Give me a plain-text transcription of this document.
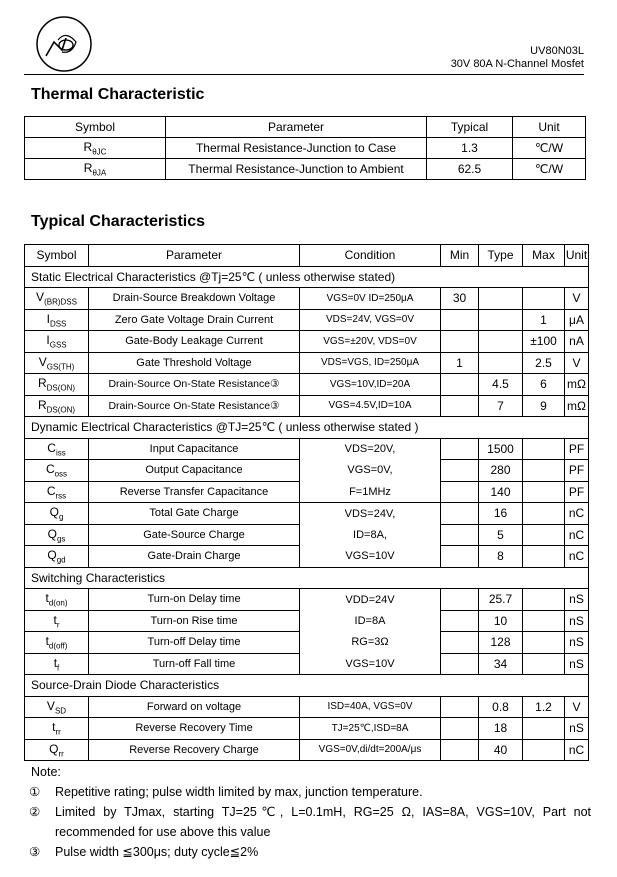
UV80N03L
30V 80A N-Channel Mosfet
Thermal Characteristic
Symbol	Parameter	Typical	Unit
$R_{\theta JC}$	Thermal Resistance-Junction to Case	1.3	℃/W
$R_{\theta JA}$	Thermal Resistance-Junction to Ambient	62.5	℃/W
Typical Characteristics
Symbol	Parameter	Condition	Min	Type	Max	Unit
Static Electrical Characteristics @Tj=25℃ ( unless otherwise stated)						
$V_{(BR)DSS}$	Drain-Source Breakdown Voltage	VGS=0V ID=250μA	30			V
$I_{DSS}$	Zero Gate Voltage Drain Current	VDS=24V, VGS=0V			1	μA
$I_{GSS}$	Gate-Body Leakage Current	VGS=±20V, VDS=0V			±100	nA
$V_{GS(TH)}$	Gate Threshold Voltage	VDS=VGS, ID=250μA	1		2.5	V
$R_{DS(ON)}$	Drain-Source On-State Resistance③	VGS=10V,ID=20A		4.5	6	mΩ
$R_{DS(ON)}$	Drain-Source On-State Resistance③	VGS=4.5V,ID=10A		7	9	mΩ
Dynamic Electrical Characteristics @TJ=25℃ ( unless otherwise stated )						
$C_{iss}$	Input Capacitance	VDS=20V,		1500		PF
$C_{oss}$	Output Capacitance	VGS=0V,		280		PF
$C_{rss}$	Reverse Transfer Capacitance	F=1MHz		140		PF
$Q_g$	Total Gate Charge	VDS=24V,		16		nC
$Q_{gs}$	Gate-Source Charge	ID=8A,		5		nC
$Q_{gd}$	Gate-Drain Charge	VGS=10V		8		nC
Switching Characteristics						
$t_{d(on)}$	Turn-on Delay time	VDD=24V		25.7		nS
$t_r$	Turn-on Rise time	ID=8A		10		nS
$t_{d(off)}$	Turn-off Delay time	RG=3Ω		128		nS
$t_f$	Turn-off Fall time	VGS=10V		34		nS
Source-Drain Diode Characteristics						
$V_{SD}$	Forward on voltage	ISD=40A, VGS=0V		0.8	1.2	V
$t_{rr}$	Reverse Recovery Time	TJ=25℃,ISD=8A		18		nS
$Q_{rr}$	Reverse Recovery Charge	VGS=0V,di/dt=200A/μs		40		nC
Note:
①	Repetitive rating; pulse width limited by max, junction temperature.
②	Limited by TJmax, starting TJ=25℃, L=0.1mH, RG=25 Ω, IAS=8A, VGS=10V, Part not
recommended for use above this value
③	Pulse width ≦300μs; duty cycle≦2%
